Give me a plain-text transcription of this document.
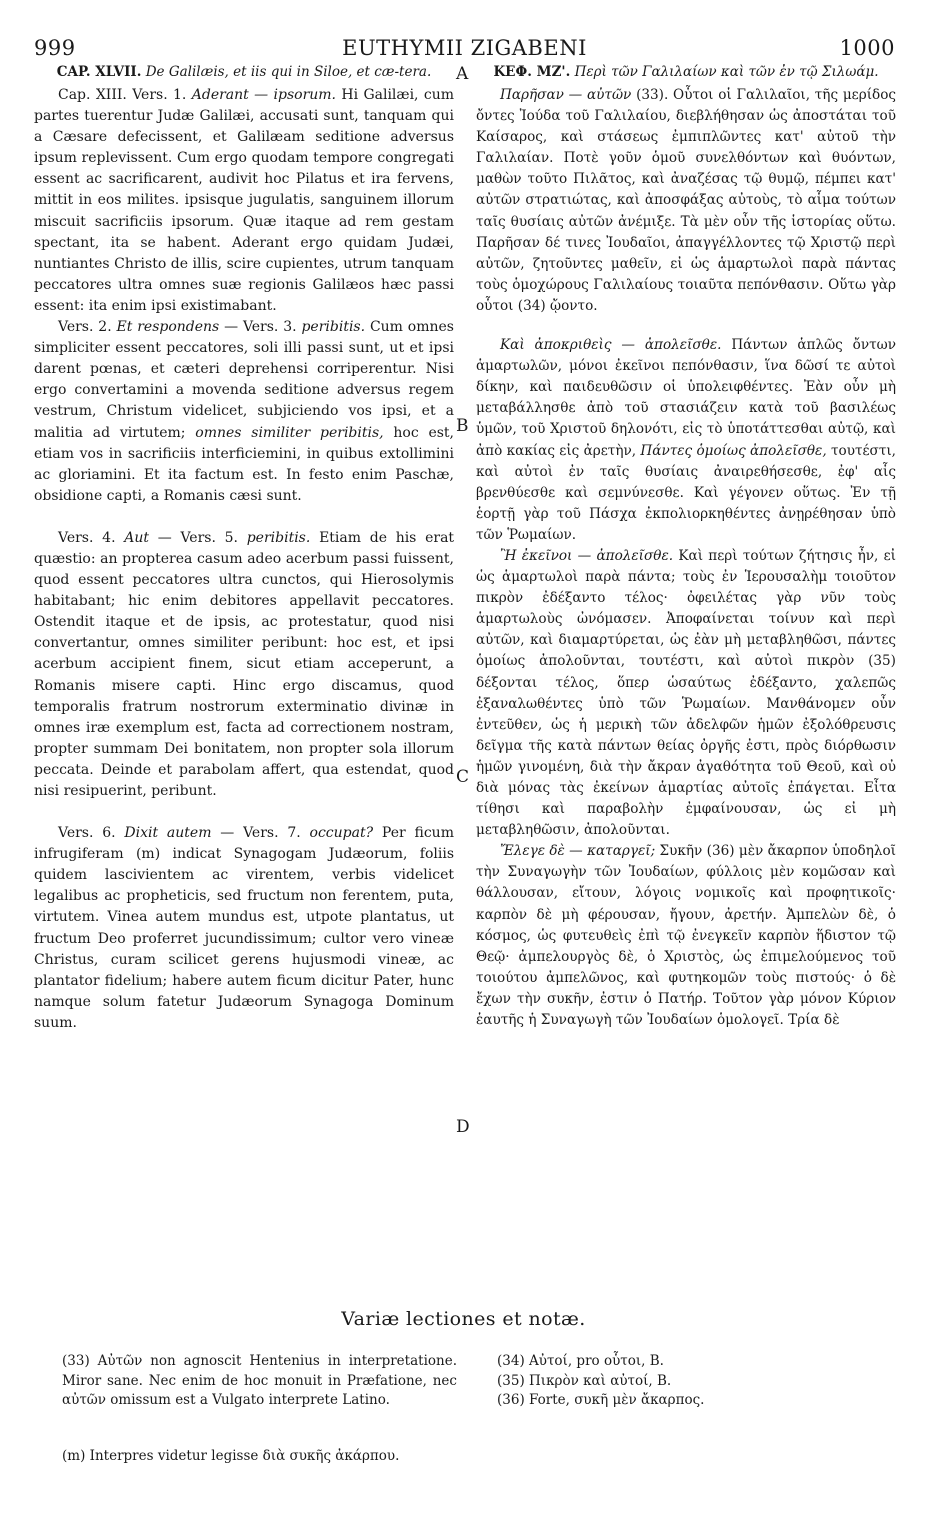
999	EUTHYMII ZIGABENI	1000

CAP. XLVII. De Galilæis, et iis qui in Siloe, et cæ-tera.

Cap. XIII. Vers. 1. Aderant — ipsorum. Hi Galilæi, cum partes tuerentur Judæ Galilæi, accusati sunt, tanquam qui a Cæsare defecissent, et Galilæam seditione adversus ipsum replevissent. Cum ergo quodam tempore congregati essent ac sacrificarent, audivit hoc Pilatus et ira fervens, mittit in eos milites. ipsisque jugulatis, sanguinem illorum miscuit sacrificiis ipsorum. Quæ itaque ad rem gestam spectant, ita se habent. Aderant ergo quidam Judæi, nuntiantes Christo de illis, scire cupientes, utrum tanquam peccatores ultra omnes suæ regionis Galilæos hæc passi essent: ita enim ipsi existimabant.

Vers. 2. Et respondens — Vers. 3. peribitis. Cum omnes simpliciter essent peccatores, soli illi passi sunt, ut et ipsi darent pœnas, et cæteri deprehensi corriperentur. Nisi ergo convertamini a movenda seditione adversus regem vestrum, Christum videlicet, subjiciendo vos ipsi, et a malitia ad virtutem; omnes similiter peribitis, hoc est, etiam vos in sacrificiis interficiemini, in quibus extollimini ac gloriamini. Et ita factum est. In festo enim Paschæ, obsidione capti, a Romanis cæsi sunt.

Vers. 4. Aut — Vers. 5. peribitis. Etiam de his erat quæstio: an propterea casum adeo acerbum passi fuissent, quod essent peccatores ultra cunctos, qui Hierosolymis habitabant; hic enim debitores appellavit peccatores. Ostendit itaque et de ipsis, ac protestatur, quod nisi convertantur, omnes similiter peribunt: hoc est, et ipsi acerbum accipient finem, sicut etiam acceperunt, a Romanis misere capti. Hinc ergo discamus, quod temporalis fratrum nostrorum exterminatio divinæ in omnes iræ exemplum est, facta ad correctionem nostram, propter summam Dei bonitatem, non propter sola illorum peccata. Deinde et parabolam affert, qua estendat, quod nisi resipuerint, peribunt.

Vers. 6. Dixit autem — Vers. 7. occupat? Per ficum infrugiferam (m) indicat Synagogam Judæorum, foliis quidem lascivientem ac virentem, verbis videlicet legalibus ac propheticis, sed fructum non ferentem, puta, virtutem. Vinea autem mundus est, utpote plantatus, ut fructum Deo proferret jucundissimum; cultor vero vineæ Christus, curam scilicet gerens hujusmodi vineæ, ac plantator fidelium; habere autem ficum dicitur Pater, hunc namque solum fatetur Judæorum Synagoga Dominum suum.

A
B
C
D

ΚΕΦ. ΜΖ'. Περὶ τῶν Γαλιλαίων καὶ τῶν ἐν τῷ Σιλωάμ.

Παρῆσαν — αὐτῶν (33). Οὗτοι οἱ Γαλιλαῖοι, τῆς μερίδος ὄντες Ἰούδα τοῦ Γαλιλαίου, διεβλήθησαν ὡς ἀποστάται τοῦ Καίσαρος, καὶ στάσεως ἐμπιπλῶντες κατ' αὐτοῦ τὴν Γαλιλαίαν. Ποτὲ γοῦν ὁμοῦ συνελθόντων καὶ θυόντων, μαθὼν τοῦτο Πιλᾶτος, καὶ ἀναζέσας τῷ θυμῷ, πέμπει κατ' αὐτῶν στρατιώτας, καὶ ἀποσφάξας αὐτοὺς, τὸ αἷμα τούτων ταῖς θυσίαις αὐτῶν ἀνέμιξε. Τὰ μὲν οὖν τῆς ἱστορίας οὕτω. Παρῆσαν δέ τινες Ἰουδαῖοι, ἀπαγγέλλοντες τῷ Χριστῷ περὶ αὐτῶν, ζητοῦντες μαθεῖν, εἰ ὡς ἁμαρτωλοὶ παρὰ πάντας τοὺς ὁμοχώρους Γαλιλαίους τοιαῦτα πεπόνθασιν. Οὕτω γὰρ οὗτοι (34) ᾤοντο.

Καὶ ἀποκριθεὶς — ἀπολεῖσθε. Πάντων ἁπλῶς ὄντων ἁμαρτωλῶν, μόνοι ἐκεῖνοι πεπόνθασιν, ἵνα δῶσί τε αὐτοὶ δίκην, καὶ παιδευθῶσιν οἱ ὑπολειφθέντες. Ἐὰν οὖν μὴ μεταβάλλησθε ἀπὸ τοῦ στασιάζειν κατὰ τοῦ βασιλέως ὑμῶν, τοῦ Χριστοῦ δηλονότι, εἰς τὸ ὑποτάττεσθαι αὐτῷ, καὶ ἀπὸ κακίας εἰς ἀρετὴν, Πάντες ὁμοίως ἀπολεῖσθε, τουτέστι, καὶ αὐτοὶ ἐν ταῖς θυσίαις ἀναιρεθήσεσθε, ἐφ' αἷς βρενθύεσθε καὶ σεμνύνεσθε. Καὶ γέγονεν οὕτως. Ἐν τῇ ἑορτῇ γὰρ τοῦ Πάσχα ἐκπολιορκηθέντες ἀνῃρέθησαν ὑπὸ τῶν Ῥωμαίων.

Ἢ ἐκεῖνοι — ἀπολεῖσθε. Καὶ περὶ τούτων ζήτησις ἦν, εἰ ὡς ἁμαρτωλοὶ παρὰ πάντα; τοὺς ἐν Ἱερουσαλὴμ τοιοῦτον πικρὸν ἐδέξαντο τέλος· ὀφειλέτας γὰρ νῦν τοὺς ἁμαρτωλοὺς ὠνόμασεν. Ἀποφαίνεται τοίνυν καὶ περὶ αὐτῶν, καὶ διαμαρτύρεται, ὡς ἐὰν μὴ μεταβληθῶσι, πάντες ὁμοίως ἀπολοῦνται, τουτέστι, καὶ αὐτοὶ πικρὸν (35) δέξονται τέλος, ὅπερ ὡσαύτως ἐδέξαντο, χαλεπῶς ἐξαναλωθέντες ὑπὸ τῶν Ῥωμαίων. Μανθάνομεν οὖν ἐντεῦθεν, ὡς ἡ μερικὴ τῶν ἀδελφῶν ἡμῶν ἐξολόθρευσις δεῖγμα τῆς κατὰ πάντων θείας ὀργῆς ἐστι, πρὸς διόρθωσιν ἡμῶν γινομένη, διὰ τὴν ἄκραν ἀγαθότητα τοῦ Θεοῦ, καὶ οὐ διὰ μόνας τὰς ἐκείνων ἁμαρτίας αὐτοῖς ἐπάγεται. Εἶτα τίθησι καὶ παραβολὴν ἐμφαίνουσαν, ὡς εἰ μὴ μεταβληθῶσιν, ἀπολοῦνται.

Ἔλεγε δὲ — καταργεῖ; Συκῆν (36) μὲν ἄκαρπον ὑποδηλοῖ τὴν Συναγωγὴν τῶν Ἰουδαίων, φύλλοις μὲν κομῶσαν καὶ θάλλουσαν, εἴτουν, λόγοις νομικοῖς καὶ προφητικοῖς· καρπὸν δὲ μὴ φέρουσαν, ἤγουν, ἀρετήν. Ἀμπελὼν δὲ, ὁ κόσμος, ὡς φυτευθεὶς ἐπὶ τῷ ἐνεγκεῖν καρπὸν ἥδιστον τῷ Θεῷ· ἀμπελουργὸς δὲ, ὁ Χριστὸς, ὡς ἐπιμελούμενος τοῦ τοιούτου ἀμπελῶνος, καὶ φυτηκομῶν τοὺς πιστούς· ὁ δὲ ἔχων τὴν συκῆν, ἐστιν ὁ Πατήρ. Τοῦτον γὰρ μόνον Κύριον ἑαυτῆς ἡ Συναγωγὴ τῶν Ἰουδαίων ὁμολογεῖ. Τρία δὲ

Variæ lectiones et notæ.

(33) Αὐτῶν non agnoscit Hentenius in interpretatione. Miror sane. Nec enim de hoc monuit in Præfatione, nec αὐτῶν omissum est a Vulgato interprete Latino.

(34) Αὐτοί, pro οὗτοι, B.

(35) Πικρὸν καὶ αὐτοί, B.

(36) Forte, συκῆ μὲν ἄκαρπος.

(m) Interpres videtur legisse διὰ συκῆς ἀκάρπου.
